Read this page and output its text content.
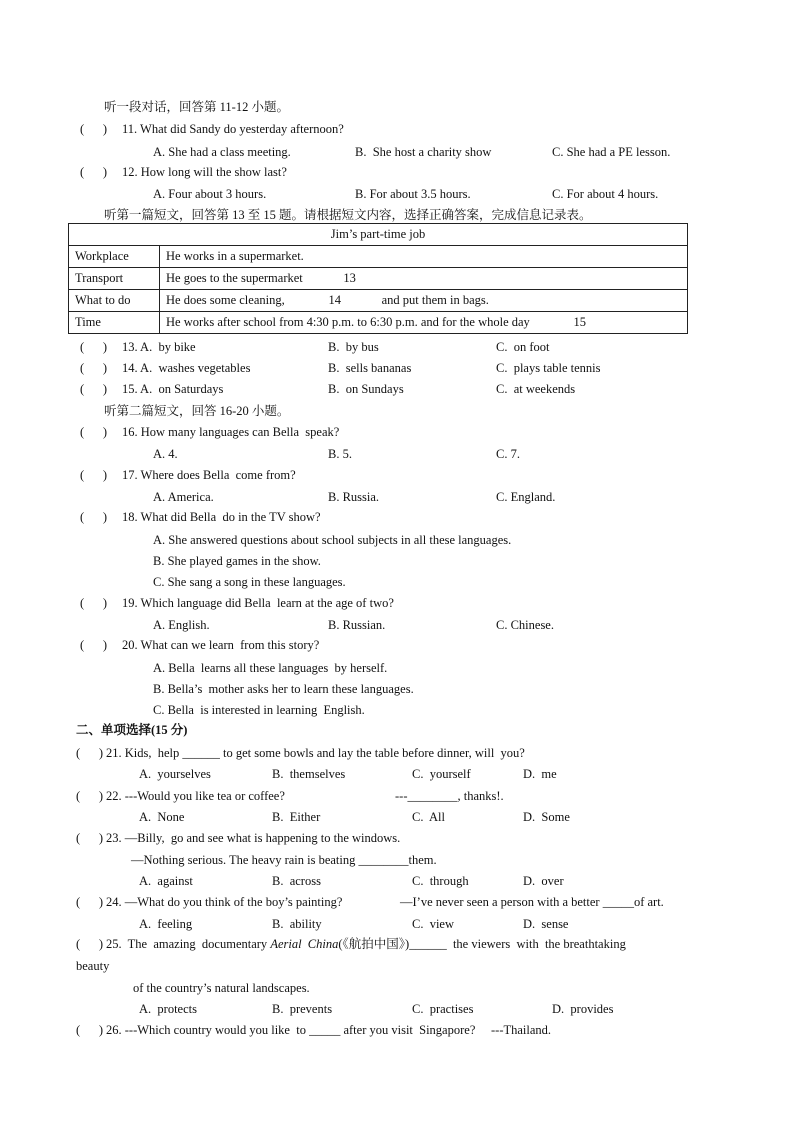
听一段对话，回答第 11-12 小题。
(      ) 11. What did Sandy do yesterday afternoon?
A. She had a class meeting.	B.  She host a charity show	C. She had a PE lesson.
(      ) 12. How long will the show last?
A. Four about 3 hours.	B. For about 3.5 hours.	C. For about 4 hours.
听第一篇短文，回答第 13 至 15 题。请根据短文内容，选择正确答案，完成信息记录表。
Jim’s part-time job	
Workplace	He works in a supermarket.
Transport	He goes to the supermarket             13
What to do	He does some cleaning,              14             and put them in bags.
Time	He works after school from 4:30 p.m. to 6:30 p.m. and for the whole day              15
(      ) 13. A.  by bike	B.  by bus	C.  on foot
(      ) 14. A.  washes vegetables	B.  sells bananas	C.  plays table tennis
(      ) 15. A.  on Saturdays	B.  on Sundays	C.  at weekends
听第二篇短文，回答 16-20 小题。
(      ) 16. How many languages can Bella  speak?
A. 4.	B. 5.	C. 7.
(      ) 17. Where does Bella  come from?
A. America.	B. Russia.	C. England.
(      ) 18. What did Bella  do in the TV show?
A. She answered questions about school subjects in all these languages.
B. She played games in the show.
C. She sang a song in these languages.
(      ) 19. Which language did Bella  learn at the age of two?
A. English.	B. Russian.	C. Chinese.
(      ) 20. What can we learn  from this story?
A. Bella  learns all these languages  by herself.
B. Bella’s  mother asks her to learn these languages.
C. Bella  is interested in learning  English.
二、单项选择(15 分)
(      ) 21. Kids,  help ______ to get some bowls and lay the table before dinner, will  you?
A.  yourselves	B.  themselves	C.  yourself	D.  me
(      ) 22. ---Would you like tea or coffee?	---________, thanks!.
A.  None	B.  Either	C.  All	D.  Some
(      ) 23. —Billy,  go and see what is happening to the windows.
—Nothing serious. The heavy rain is beating ________them.
A.  against	B.  across	C.  through	D.  over
(      ) 24. —What do you think of the boy’s painting?	—I’ve never seen a person with a better _____of art.
A.  feeling	B.  ability	C.  view	D.  sense
(      ) 25.  The  amazing  documentary Aerial  China(《航拍中国》)______  the viewers  with  the breathtaking
beauty
of the country’s natural landscapes.
A.  protects	B.  prevents	C.  practises	D.  provides
(      ) 26. ---Which country would you like  to _____ after you visit  Singapore?     ---Thailand.
